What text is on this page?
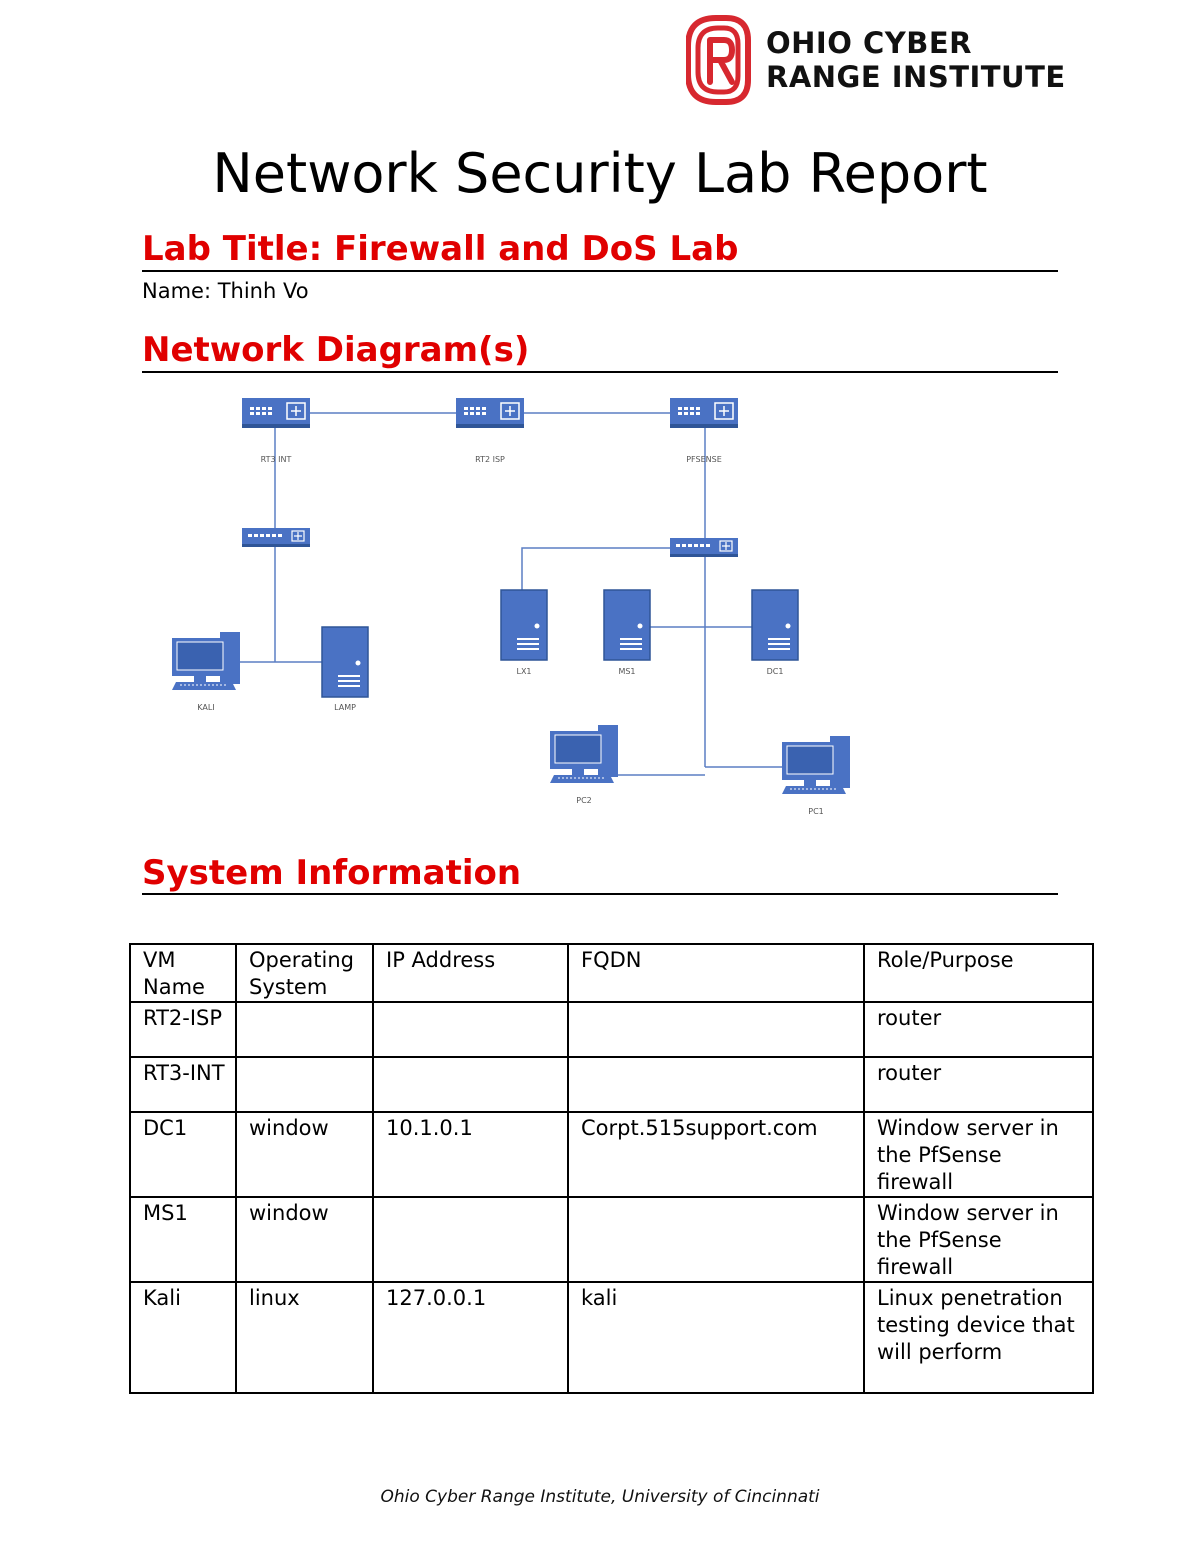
OHIO CYBER
RANGE INSTITUTE
Network Security Lab Report
Lab Title: Firewall and DoS Lab
Name: Thinh Vo
Network Diagram(s)
RT3 INT	RT2 ISP	PFSENSE
KALI	LAMP
LX1	MS1	DC1
PC2
PC1
System Information
VM Name	Operating System	IP Address	FQDN	Role/Purpose
RT2-ISP				router
RT3-INT				router
DC1	window	10.1.0.1	Corpt.515support.com	Window server in the PfSense firewall
MS1	window			Window server in the PfSense firewall
Kali	linux	127.0.0.1	kali	Linux penetration testing device that will perform
Ohio Cyber Range Institute, University of Cincinnati
